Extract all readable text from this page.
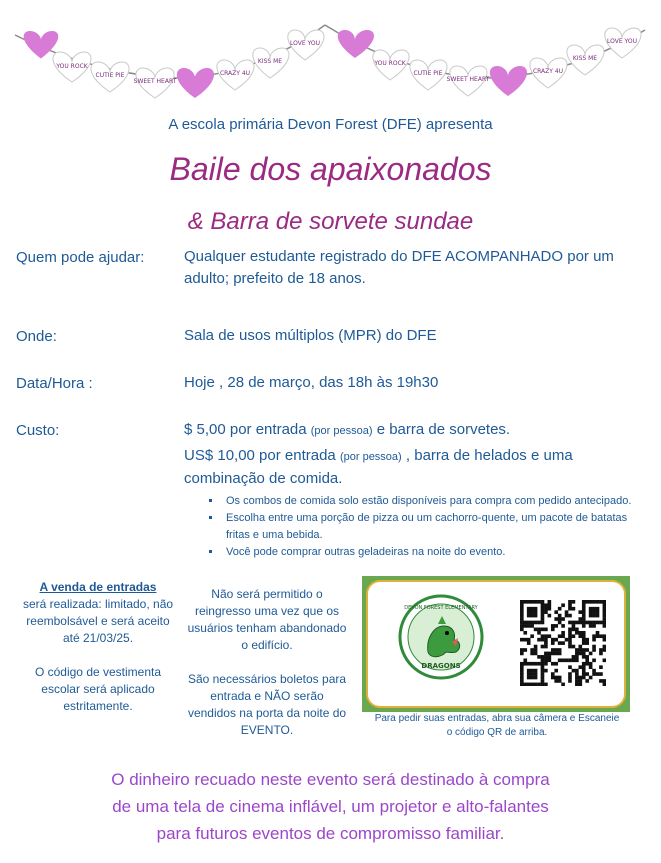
YOU ROCK
CUTIE PIE
SWEET HEART
CRAZY 4U
KISS ME
LOVE YOU
YOU ROCK
CUTIE PIE
SWEET HEART
CRAZY 4U
KISS ME
LOVE YOU
A escola primária Devon Forest (DFE) apresenta
Baile dos apaixonados
& Barra de sorvete sundae
Quem pode ajudar:	Qualquer estudante registrado do DFE ACOMPANHADO por um adulto; prefeito de 18 anos.
Onde:	Sala de usos múltiplos (MPR) do DFE
Data/Hora :	Hoje , 28 de março, das 18h às 19h30
Custo:	$ 5,00 por entrada (por pessoa) e barra de sorvetes.
US$ 10,00 por entrada (por pessoa) , barra de helados e uma combinação de comida.
▪ Os combos de comida solo estão disponíveis para compra com pedido antecipado.
▪ Escolha entre uma porção de pizza ou um cachorro-quente, um pacote de batatas fritas e uma bebida.
▪ Você pode comprar outras geladeiras na noite do evento.
A venda de entradas
será realizada: limitado, não reembolsável e será aceito até 21/03/25.
O código de vestimenta escolar será aplicado estritamente.
Não será permitido o reingresso uma vez que os usuários tenham abandonado o edifício.
São necessários boletos para entrada e NÃO serão vendidos na porta da noite do EVENTO.
DRAGONS
DEVON FOREST ELEMENTARY
Para pedir suas entradas, abra sua câmera e Escaneie o código QR de arriba.
O dinheiro recuado neste evento será destinado à compra
de uma tela de cinema inflável, um projetor e alto-falantes
para futuros eventos de compromisso familiar.
